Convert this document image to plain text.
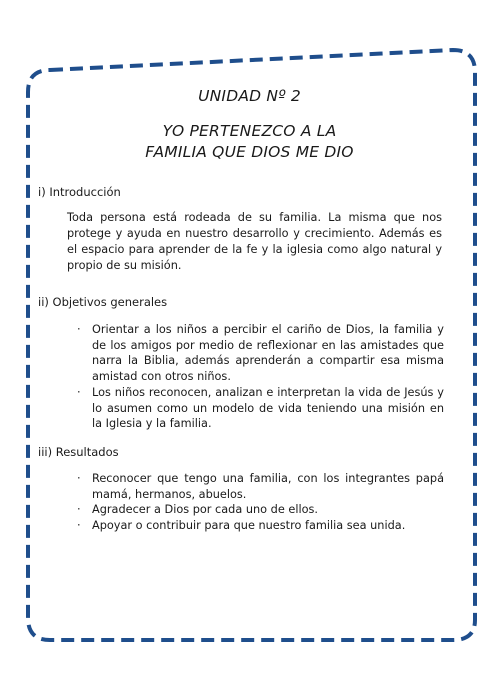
UNIDAD Nº 2
YO PERTENEZCO A LA
FAMILIA QUE DIOS ME DIO
i) Introducción
Toda persona está rodeada de su familia. La misma que nos protege y ayuda en nuestro desarrollo y crecimiento. Además es el espacio para aprender de la fe y la iglesia como algo natural y propio de su misión.
ii) Objetivos generales
· Orientar a los niños a percibir el cariño de Dios, la familia y de los amigos por medio de reflexionar en las amistades que narra la Biblia, además aprenderán a compartir esa misma amistad con otros niños.
· Los niños reconocen, analizan e interpretan la vida de Jesús y lo asumen como un modelo de vida teniendo una misión en la Iglesia y la familia.
iii) Resultados
· Reconocer que tengo una familia, con los integrantes papá mamá, hermanos, abuelos.
· Agradecer a Dios por cada uno de ellos.
· Apoyar o contribuir para que nuestro familia sea unida.
